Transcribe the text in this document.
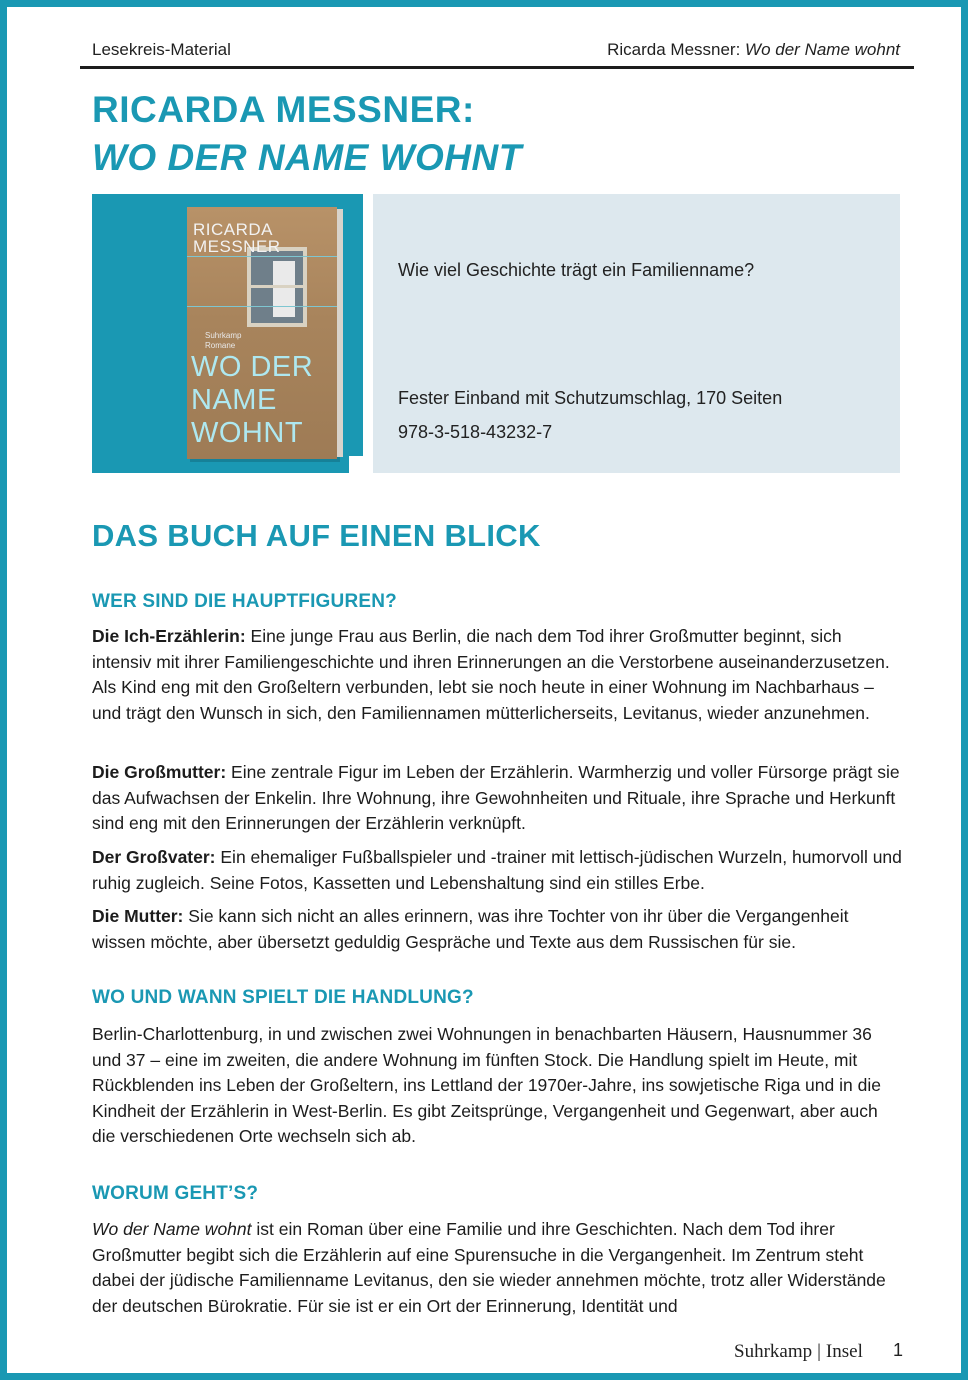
Lesekreis-Material	Ricarda Messner: Wo der Name wohnt
RICARDA MESSNER:
WO DER NAME WOHNT
RICARDA
MESSNER
Suhrkamp
Romane
WO DER
NAME
WOHNT
Wie viel Geschichte trägt ein Familienname?
Fester Einband mit Schutzumschlag, 170 Seiten
978-3-518-43232-7
DAS BUCH AUF EINEN BLICK
WER SIND DIE HAUPTFIGUREN?

Die Ich-Erzählerin: Eine junge Frau aus Berlin, die nach dem Tod ihrer Großmutter beginnt, sich intensiv mit ihrer Familiengeschichte und ihren Erinnerungen an die Verstorbene auseinanderzusetzen. Als Kind eng mit den Großeltern verbunden, lebt sie noch heute in einer Wohnung im Nachbarhaus – und trägt den Wunsch in sich, den Familiennamen mütterlicherseits, Levitanus, wieder anzunehmen.

Die Großmutter: Eine zentrale Figur im Leben der Erzählerin. Warmherzig und voller Fürsorge prägt sie das Aufwachsen der Enkelin. Ihre Wohnung, ihre Gewohnheiten und Rituale, ihre Sprache und Herkunft sind eng mit den Erinnerungen der Erzählerin verknüpft.

Der Großvater: Ein ehemaliger Fußballspieler und -trainer mit lettisch-jüdischen Wurzeln, humorvoll und ruhig zugleich. Seine Fotos, Kassetten und Lebenshaltung sind ein stilles Erbe.

Die Mutter: Sie kann sich nicht an alles erinnern, was ihre Tochter von ihr über die Vergangenheit wissen möchte, aber übersetzt geduldig Gespräche und Texte aus dem Russischen für sie.

WO UND WANN SPIELT DIE HANDLUNG?

Berlin-Charlottenburg, in und zwischen zwei Wohnungen in benachbarten Häusern, Hausnummer 36 und 37 – eine im zweiten, die andere Wohnung im fünften Stock. Die Handlung spielt im Heute, mit Rückblenden ins Leben der Großeltern, ins Lettland der 1970er-Jahre, ins sowjetische Riga und in die Kindheit der Erzählerin in West-Berlin. Es gibt Zeitsprünge, Vergangenheit und Gegenwart, aber auch die verschiedenen Orte wechseln sich ab.

WORUM GEHT’S?

Wo der Name wohnt ist ein Roman über eine Familie und ihre Geschichten. Nach dem Tod ihrer Großmutter begibt sich die Erzählerin auf eine Spurensuche in die Vergangenheit. Im Zentrum steht dabei der jüdische Familienname Levitanus, den sie wieder annehmen möchte, trotz aller Widerstände der deutschen Bürokratie. Für sie ist er ein Ort der Erinnerung, Identität und

Suhrkamp | Insel 1
